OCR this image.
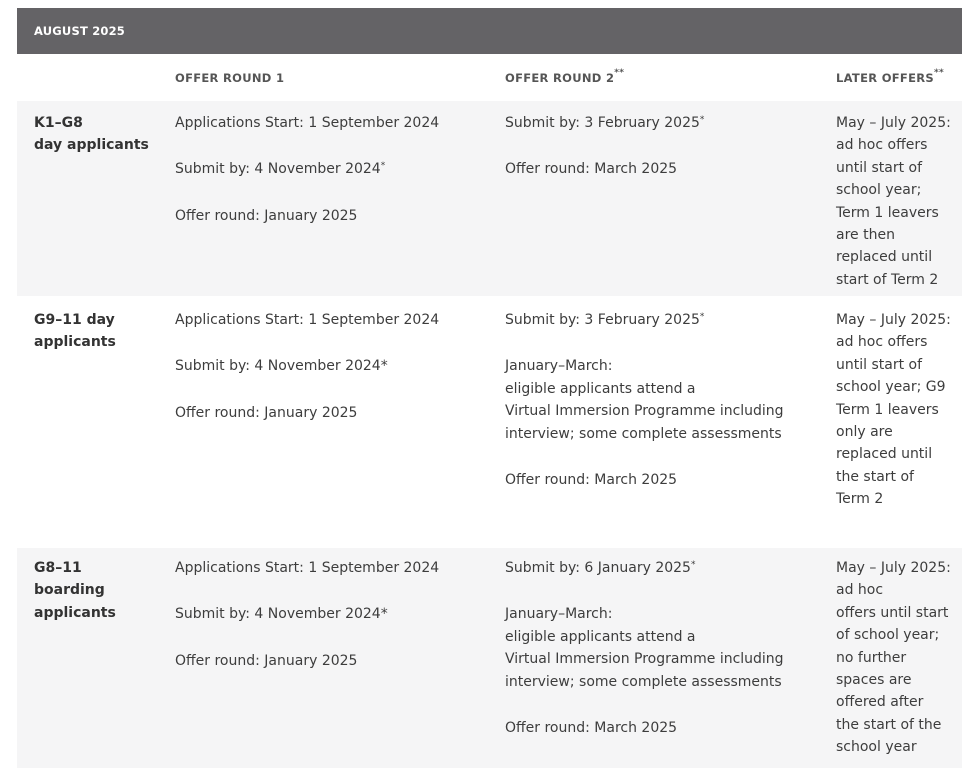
AUGUST 2025
OFFER ROUND 1	OFFER ROUND 2**	LATER OFFERS**
K1–G8
day applicants
Applications Start: 1 September 2024
Submit by: 4 November 2024*
Offer round: January 2025
Submit by: 3 February 2025*
Offer round: March 2025
May – July 2025:
ad hoc offers
until start of
school year;
Term 1 leavers
are then
replaced until
start of Term 2
G9–11 day
applicants
Applications Start: 1 September 2024
Submit by: 4 November 2024*
Offer round: January 2025
Submit by: 3 February 2025*
January–March:
eligible applicants attend a
Virtual Immersion Programme including
interview; some complete assessments
Offer round: March 2025
May – July 2025:
ad hoc offers
until start of
school year; G9
Term 1 leavers
only are
replaced until
the start of
Term 2
G8–11
boarding
applicants
Applications Start: 1 September 2024
Submit by: 4 November 2024*
Offer round: January 2025
Submit by: 6 January 2025*
January–March:
eligible applicants attend a
Virtual Immersion Programme including
interview; some complete assessments
Offer round: March 2025
May – July 2025:
ad hoc
offers until start
of school year;
no further
spaces are
offered after
the start of the
school year
